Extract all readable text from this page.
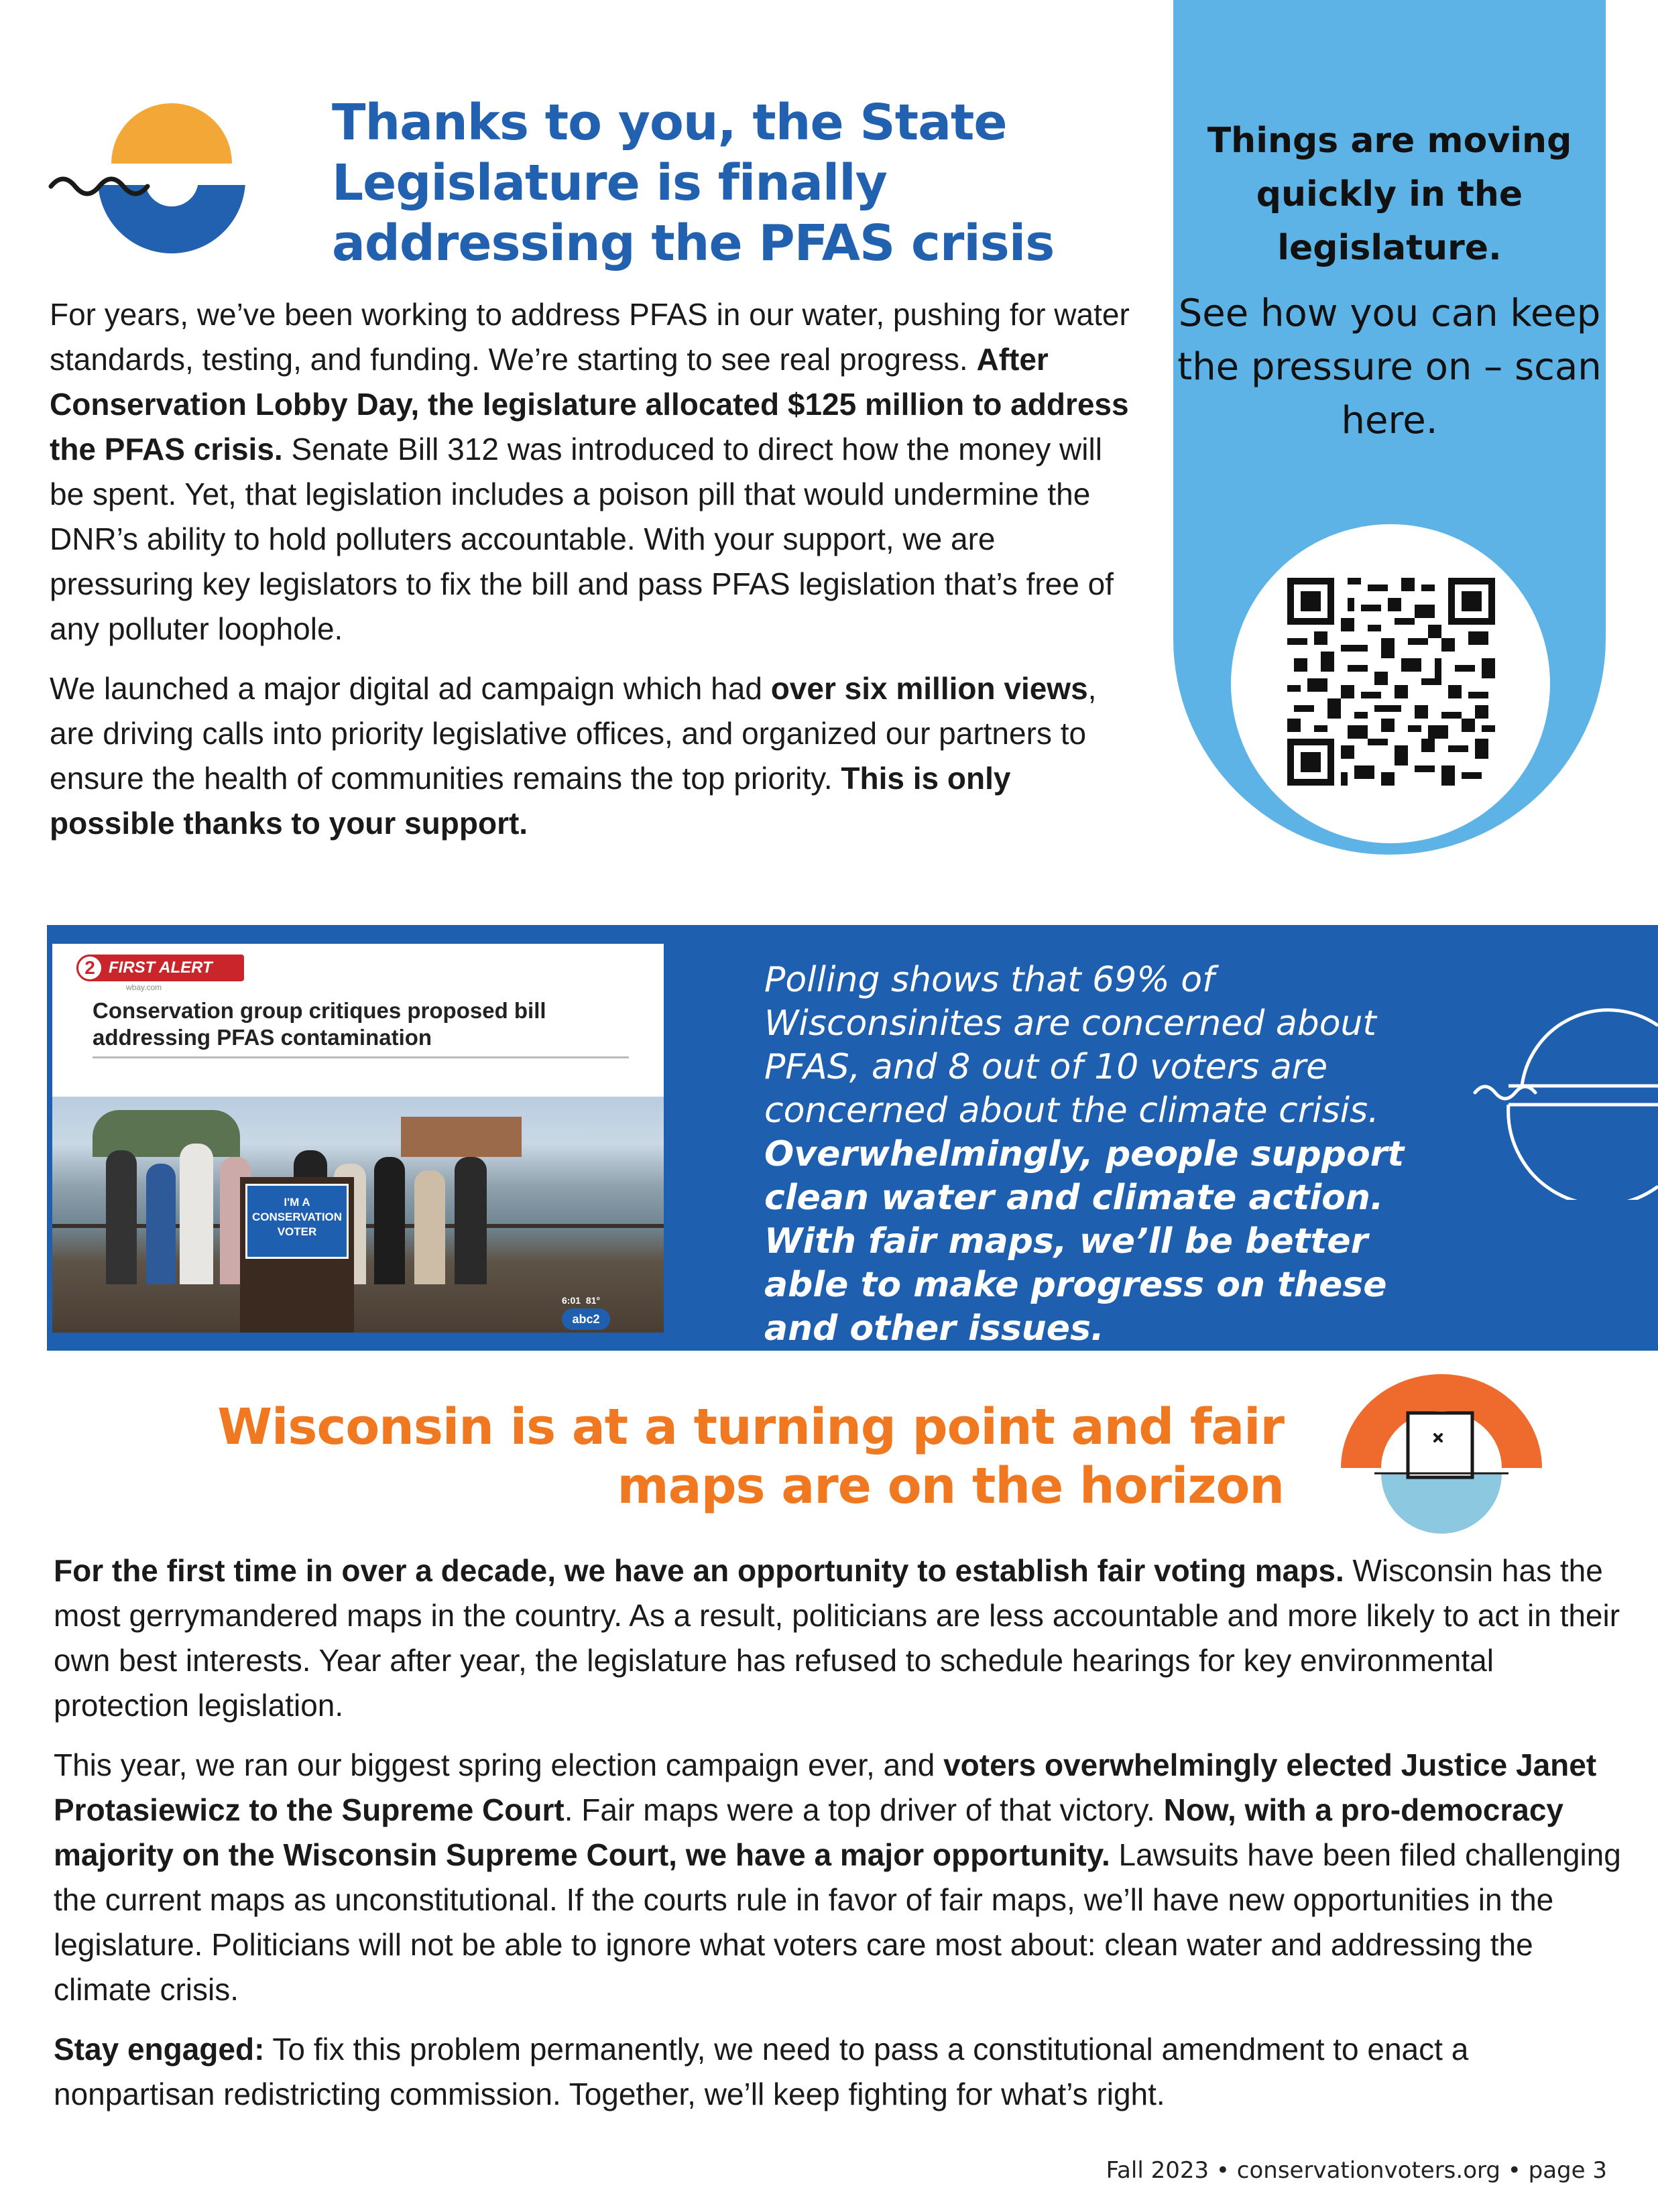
Thanks to you, the State Legislature is finally addressing the PFAS crisis

For years, we’ve been working to address PFAS in our water, pushing for water standards, testing, and funding. We’re starting to see real progress. After Conservation Lobby Day, the legislature allocated $125 million to address the PFAS crisis. Senate Bill 312 was introduced to direct how the money will be spent. Yet, that legislation includes a poison pill that would undermine the DNR’s ability to hold polluters accountable. With your support, we are pressuring key legislators to fix the bill and pass PFAS legislation that’s free of any polluter loophole.

We launched a major digital ad campaign which had over six million views, are driving calls into priority legislative offices, and organized our partners to ensure the health of communities remains the top priority. This is only possible thanks to your support.

Things are moving quickly in the legislature.

See how you can keep the pressure on – scan here.

2 FIRST ALERT
wbay.com

Conservation group critiques proposed bill addressing PFAS contamination

I'M A CONSERVATION VOTER
6:01 81°
abc2

Polling shows that 69% of Wisconsinites are concerned about PFAS, and 8 out of 10 voters are concerned about the climate crisis. Overwhelmingly, people support clean water and climate action. With fair maps, we’ll be better able to make progress on these and other issues.

Wisconsin is at a turning point and fair maps are on the horizon

For the first time in over a decade, we have an opportunity to establish fair voting maps. Wisconsin has the most gerrymandered maps in the country. As a result, politicians are less accountable and more likely to act in their own best interests. Year after year, the legislature has refused to schedule hearings for key environmental protection legislation.

This year, we ran our biggest spring election campaign ever, and voters overwhelmingly elected Justice Janet Protasiewicz to the Supreme Court. Fair maps were a top driver of that victory. Now, with a pro-democracy majority on the Wisconsin Supreme Court, we have a major opportunity. Lawsuits have been filed challenging the current maps as unconstitutional. If the courts rule in favor of fair maps, we’ll have new opportunities in the legislature. Politicians will not be able to ignore what voters care most about: clean water and addressing the climate crisis.

Stay engaged: To fix this problem permanently, we need to pass a constitutional amendment to enact a nonpartisan redistricting commission. Together, we’ll keep fighting for what’s right.

Fall 2023 • conservationvoters.org • page 3
